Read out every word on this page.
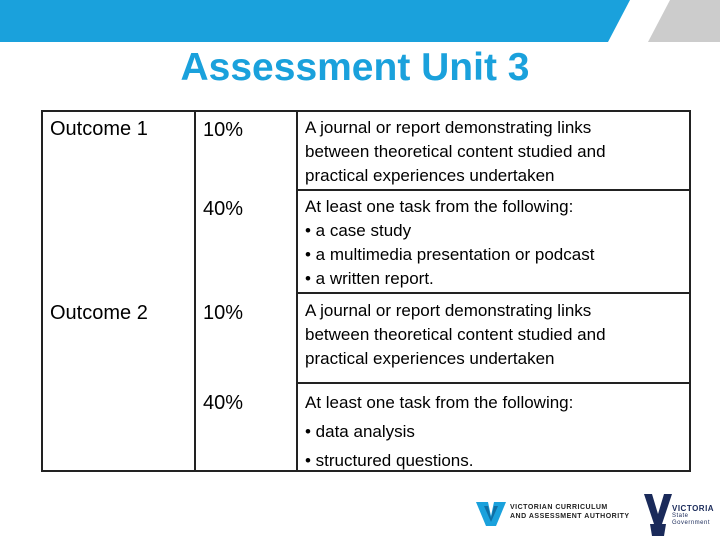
Assessment Unit 3
Outcome 1	10%	A journal or report demonstrating links
between theoretical content studied and
practical experiences undertaken
40%	At least one task from the following:
• a case study
• a multimedia presentation or podcast
• a written report.
Outcome 2	10%	A journal or report demonstrating links
between theoretical content studied and
practical experiences undertaken
40%	At least one task from the following:
• data analysis
• structured questions.
VICTORIAN CURRICULUM
AND ASSESSMENT AUTHORITY
VICTORIA
State
Government
